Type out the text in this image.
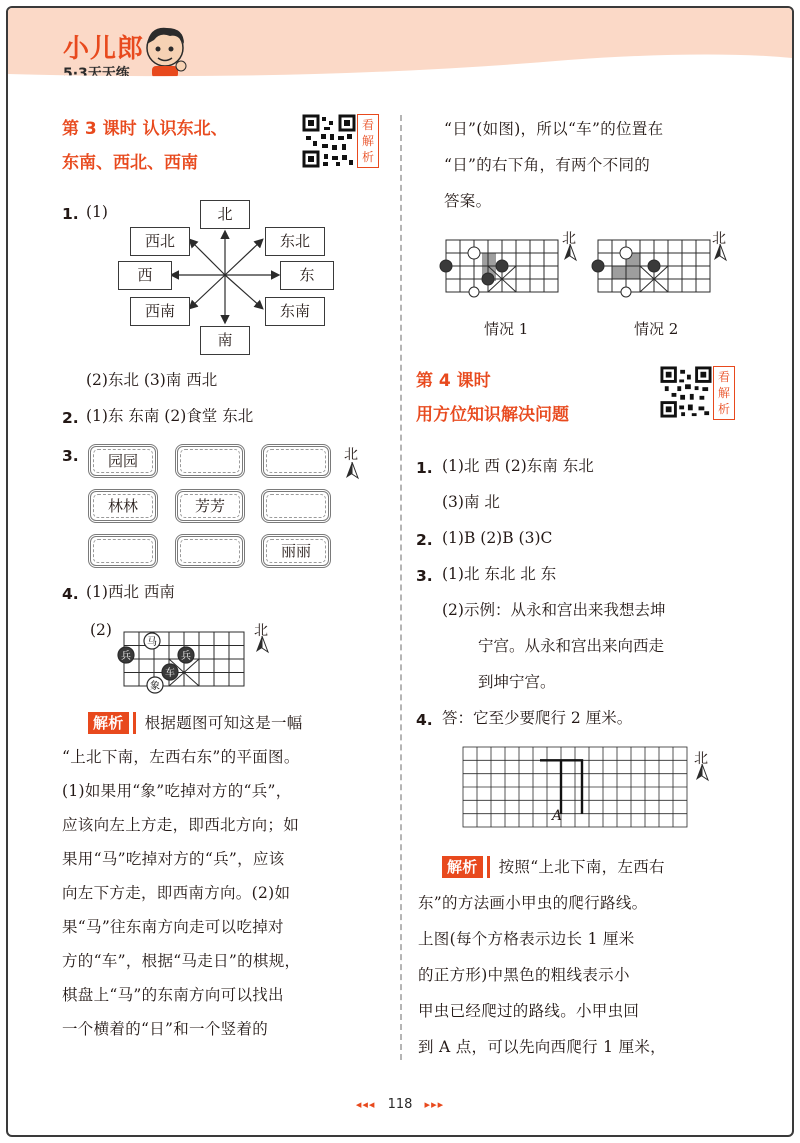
小儿郎
5·3天天练
第 3 课时 认识东北、
东南、西北、西南
看
解
析
1. (1)	北
西北	东北
西	东
西南	东南
南
(2)东北 (3)南 西北
2. (1)东 东南 (2)食堂 东北
3.	园园
林林	芳芳
丽丽
北
4. (1)西北 西南
(2)
马
兵	兵
车
象
北
解析 根据题图可知这是一幅
“上北下南，左西右东”的平面图。
(1)如果用“象”吃掉对方的“兵”，
应该向左上方走，即西北方向；如
果用“马”吃掉对方的“兵”，应该
向左下方走，即西南方向。(2)如
果“马”往东南方向走可以吃掉对
方的“车”，根据“马走日”的棋规，
棋盘上“马”的东南方向可以找出
一个横着的“日”和一个竖着的
“日”(如图)，所以“车”的位置在
“日”的右下角，有两个不同的
答案。
北
情况 1
北
情况 2
第 4 课时
用方位知识解决问题
看
解
析
1. (1)北 西 (2)东南 东北
(3)南 北
2. (1)B (2)B (3)C
3. (1)北 东北 北 东
(2)示例：从永和宫出来我想去坤
宁宫。从永和宫出来向西走
到坤宁宫。
4. 答：它至少要爬行 2 厘米。
A
北
解析 按照“上北下南，左西右
东”的方法画小甲虫的爬行路线。
上图(每个方格表示边长 1 厘米
的正方形)中黑色的粗线表示小
甲虫已经爬过的路线。小甲虫回
到 A 点，可以先向西爬行 1 厘米，
◂◂◂ 118 ▸▸▸
